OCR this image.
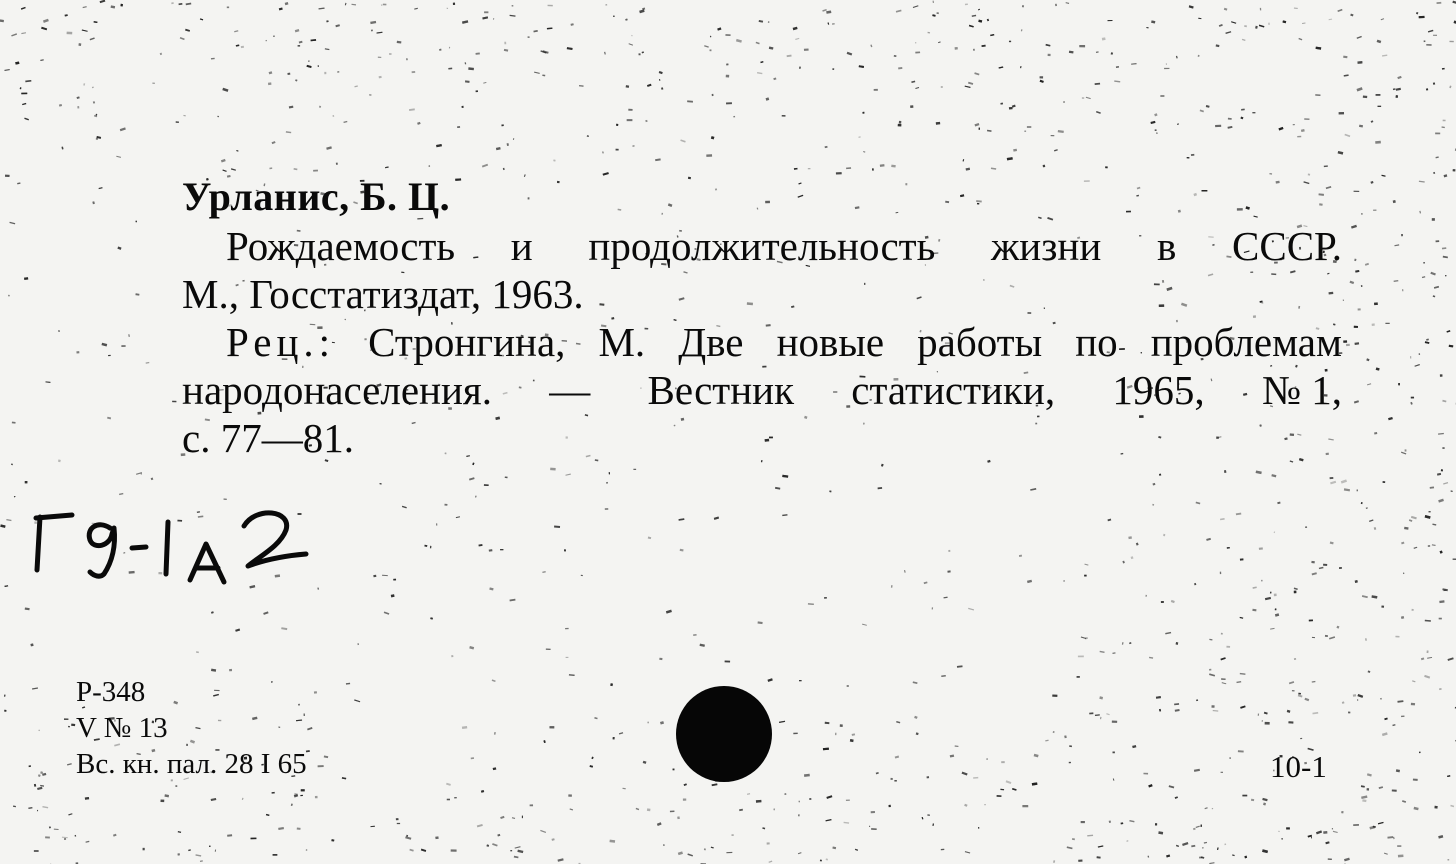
Урланис, Б. Ц.
Рождаемость и продолжительность жизни в СССР.
М., Госстатиздат, 1963.
Рец.: Стронгина, М. Две новые работы по проблемам
народонаселения. — Вестник статистики, 1965, № 1,
с. 77—81.
Р-348
V № 13
Вс. кн. пал. 28 I 65	10-1
